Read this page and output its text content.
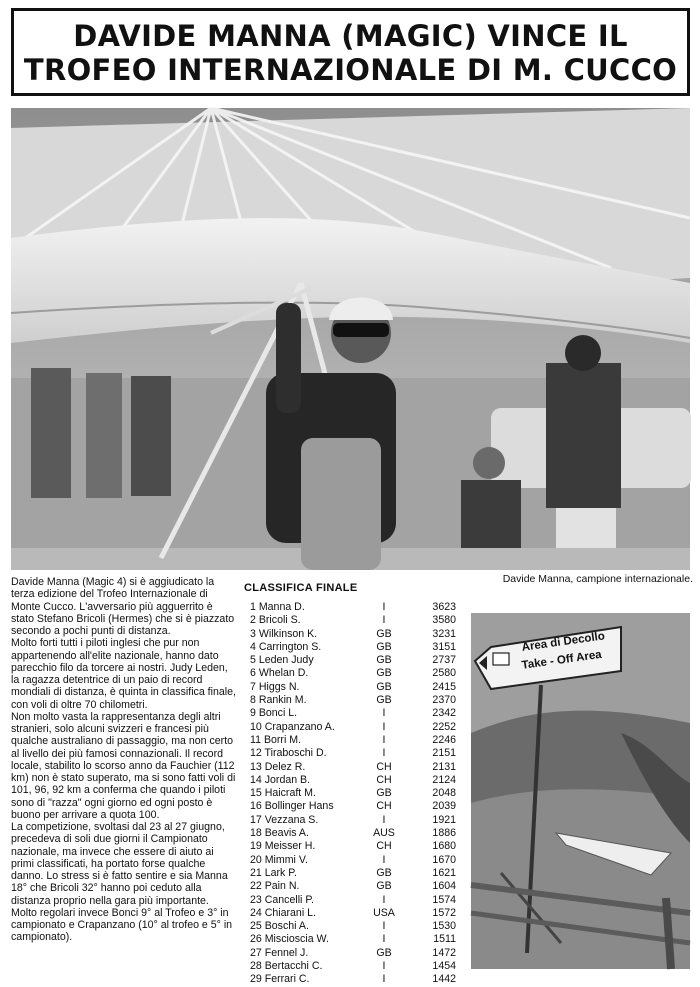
DAVIDE MANNA (MAGIC) VINCE IL
TROFEO INTERNAZIONALE DI M. CUCCO
Davide Manna, campione internazionale.

Davide Manna (Magic 4) si è aggiudicato la terza edizione del Trofeo Internazionale di Monte Cucco. L'avversario più agguerrito è stato Stefano Bricoli (Hermes) che si è piazzato secondo a pochi punti di distanza.

Molto forti tutti i piloti inglesi che pur non appartenendo all'elite nazionale, hanno dato parecchio filo da torcere ai nostri. Judy Leden, la ragazza detentrice di un paio di record mondiali di distanza, è quinta in classifica finale, con voli di oltre 70 chilometri.

Non molto vasta la rappresentanza degli altri stranieri, solo alcuni svizzeri e francesi più qualche australiano di passaggio, ma non certo al livello dei più famosi connazionali. Il record locale, stabilito lo scorso anno da Fauchier (112 km) non è stato superato, ma si sono fatti voli di 101, 96, 92 km a conferma che quando i piloti sono di "razza" ogni giorno ed ogni posto è buono per arrivare a quota 100.

La competizione, svoltasi dal 23 al 27 giugno, precedeva di soli due giorni il Campionato nazionale, ma invece che essere di aiuto ai primi classificati, ha portato forse qualche danno. Lo stress si è fatto sentire e sia Manna 18° che Bricoli 32° hanno poi ceduto alla distanza proprio nella gara più importante. Molto regolari invece Bonci 9° al Trofeo e 3° in campionato e Crapanzano (10° al trofeo e 5° in campionato).

CLASSIFICA FINALE
1 Manna D.	I	3623
2 Bricoli S.	I	3580
3 Wilkinson K.	GB	3231
4 Carrington S.	GB	3151
5 Leden Judy	GB	2737
6 Whelan D.	GB	2580
7 Higgs N.	GB	2415
8 Rankin M.	GB	2370
9 Bonci L.	I	2342
10 Crapanzano A.	I	2252
11 Borri M.	I	2246
12 Tiraboschi D.	I	2151
13 Delez R.	CH	2131
14 Jordan B.	CH	2124
15 Haicraft M.	GB	2048
16 Bollinger Hans	CH	2039
17 Vezzana S.	I	1921
18 Beavis A.	AUS	1886
19 Meisser H.	CH	1680
20 Mimmi V.	I	1670
21 Lark P.	GB	1621
22 Pain N.	GB	1604
23 Cancelli P.	I	1574
24 Chiarani L.	USA	1572
25 Boschi A.	I	1530
26 Miscioscia W.	I	1511
27 Fennel J.	GB	1472
28 Bertacchi C.	I	1454
29 Ferrari C.	I	1442
Area di Decollo
Take - Off Area
